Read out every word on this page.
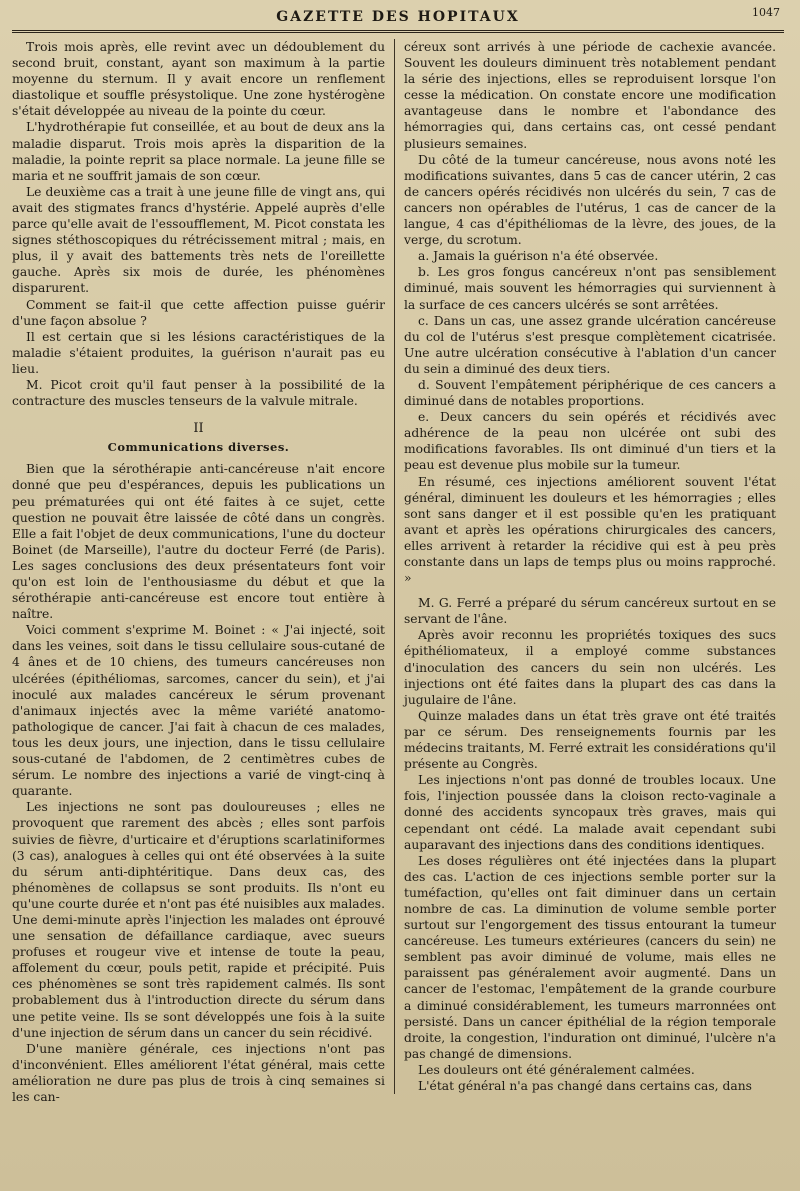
GAZETTE DES HOPITAUX	1047

Trois mois après, elle revint avec un dédoublement du second bruit, constant, ayant son maximum à la partie moyenne du sternum. Il y avait encore un renflement diastolique et souffle présystolique. Une zone hystérogène s'était développée au niveau de la pointe du cœur.

L'hydrothérapie fut conseillée, et au bout de deux ans la maladie disparut. Trois mois après la disparition de la maladie, la pointe reprit sa place normale. La jeune fille se maria et ne souffrit jamais de son cœur.

Le deuxième cas a trait à une jeune fille de vingt ans, qui avait des stigmates francs d'hystérie. Appelé auprès d'elle parce qu'elle avait de l'essoufflement, M. Picot constata les signes stéthoscopiques du rétrécissement mitral ; mais, en plus, il y avait des battements très nets de l'oreillette gauche. Après six mois de durée, les phénomènes disparurent.

Comment se fait-il que cette affection puisse guérir d'une façon absolue ?

Il est certain que si les lésions caractéristiques de la maladie s'étaient produites, la guérison n'aurait pas eu lieu.

M. Picot croit qu'il faut penser à la possibilité de la contracture des muscles tenseurs de la valvule mitrale.

II
Communications diverses.

Bien que la sérothérapie anti-cancéreuse n'ait encore donné que peu d'espérances, depuis les publications un peu prématurées qui ont été faites à ce sujet, cette question ne pouvait être laissée de côté dans un congrès. Elle a fait l'objet de deux communications, l'une du docteur Boinet (de Marseille), l'autre du docteur Ferré (de Paris). Les sages conclusions des deux présentateurs font voir qu'on est loin de l'enthousiasme du début et que la sérothérapie anti-cancéreuse est encore tout entière à naître.

Voici comment s'exprime M. Boinet : « J'ai injecté, soit dans les veines, soit dans le tissu cellulaire sous-cutané de 4 ânes et de 10 chiens, des tumeurs cancéreuses non ulcérées (épithéliomas, sarcomes, cancer du sein), et j'ai inoculé aux malades cancéreux le sérum provenant d'animaux injectés avec la même variété anatomo-pathologique de cancer. J'ai fait à chacun de ces malades, tous les deux jours, une injection, dans le tissu cellulaire sous-cutané de l'abdomen, de 2 centimètres cubes de sérum. Le nombre des injections a varié de vingt-cinq à quarante.

Les injections ne sont pas douloureuses ; elles ne provoquent que rarement des abcès ; elles sont parfois suivies de fièvre, d'urticaire et d'éruptions scarlatiniformes (3 cas), analogues à celles qui ont été observées à la suite du sérum anti-diphtéritique. Dans deux cas, des phénomènes de collapsus se sont produits. Ils n'ont eu qu'une courte durée et n'ont pas été nuisibles aux malades. Une demi-minute après l'injection les malades ont éprouvé une sensation de défaillance cardiaque, avec sueurs profuses et rougeur vive et intense de toute la peau, affolement du cœur, pouls petit, rapide et précipité. Puis ces phénomènes se sont très rapidement calmés. Ils sont probablement dus à l'introduction directe du sérum dans une petite veine. Ils se sont développés une fois à la suite d'une injection de sérum dans un cancer du sein récidivé.

D'une manière générale, ces injections n'ont pas d'inconvénient. Elles améliorent l'état général, mais cette amélioration ne dure pas plus de trois à cinq semaines si les can-

céreux sont arrivés à une période de cachexie avancée. Souvent les douleurs diminuent très notablement pendant la série des injections, elles se reproduisent lorsque l'on cesse la médication. On constate encore une modification avantageuse dans le nombre et l'abondance des hémorragies qui, dans certains cas, ont cessé pendant plusieurs semaines.

Du côté de la tumeur cancéreuse, nous avons noté les modifications suivantes, dans 5 cas de cancer utérin, 2 cas de cancers opérés récidivés non ulcérés du sein, 7 cas de cancers non opérables de l'utérus, 1 cas de cancer de la langue, 4 cas d'épithéliomas de la lèvre, des joues, de la verge, du scrotum.

a. Jamais la guérison n'a été observée.

b. Les gros fongus cancéreux n'ont pas sensiblement diminué, mais souvent les hémorragies qui surviennent à la surface de ces cancers ulcérés se sont arrêtées.

c. Dans un cas, une assez grande ulcération cancéreuse du col de l'utérus s'est presque complètement cicatrisée. Une autre ulcération consécutive à l'ablation d'un cancer du sein a diminué des deux tiers.

d. Souvent l'empâtement périphérique de ces cancers a diminué dans de notables proportions.

e. Deux cancers du sein opérés et récidivés avec adhérence de la peau non ulcérée ont subi des modifications favorables. Ils ont diminué d'un tiers et la peau est devenue plus mobile sur la tumeur.

En résumé, ces injections améliorent souvent l'état général, diminuent les douleurs et les hémorragies ; elles sont sans danger et il est possible qu'en les pratiquant avant et après les opérations chirurgicales des cancers, elles arrivent à retarder la récidive qui est à peu près constante dans un laps de temps plus ou moins rapproché. »

M. G. Ferré a préparé du sérum cancéreux surtout en se servant de l'âne.

Après avoir reconnu les propriétés toxiques des sucs épithéliomateux, il a employé comme substances d'inoculation des cancers du sein non ulcérés. Les injections ont été faites dans la plupart des cas dans la jugulaire de l'âne.

Quinze malades dans un état très grave ont été traités par ce sérum. Des renseignements fournis par les médecins traitants, M. Ferré extrait les considérations qu'il présente au Congrès.

Les injections n'ont pas donné de troubles locaux. Une fois, l'injection poussée dans la cloison recto-vaginale a donné des accidents syncopaux très graves, mais qui cependant ont cédé. La malade avait cependant subi auparavant des injections dans des conditions identiques.

Les doses régulières ont été injectées dans la plupart des cas. L'action de ces injections semble porter sur la tuméfaction, qu'elles ont fait diminuer dans un certain nombre de cas. La diminution de volume semble porter surtout sur l'engorgement des tissus entourant la tumeur cancéreuse. Les tumeurs extérieures (cancers du sein) ne semblent pas avoir diminué de volume, mais elles ne paraissent pas généralement avoir augmenté. Dans un cancer de l'estomac, l'empâtement de la grande courbure a diminué considérablement, les tumeurs marronnées ont persisté. Dans un cancer épithélial de la région temporale droite, la congestion, l'induration ont diminué, l'ulcère n'a pas changé de dimensions.

Les douleurs ont été généralement calmées.

L'état général n'a pas changé dans certains cas, dans
